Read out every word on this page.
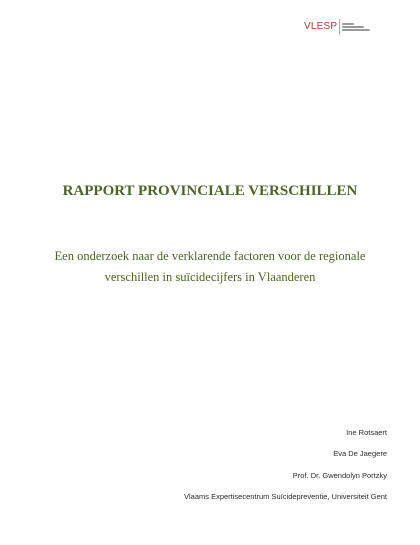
VLESP
RAPPORT PROVINCIALE VERSCHILLEN

Een onderzoek naar de verklarende factoren voor de regionale
verschillen in suïcidecijfers in Vlaanderen

Ine Rotsaert
Eva De Jaegere
Prof. Dr. Gwendolyn Portzky
Vlaams Expertisecentrum Suïcidepreventie, Universiteit Gent
